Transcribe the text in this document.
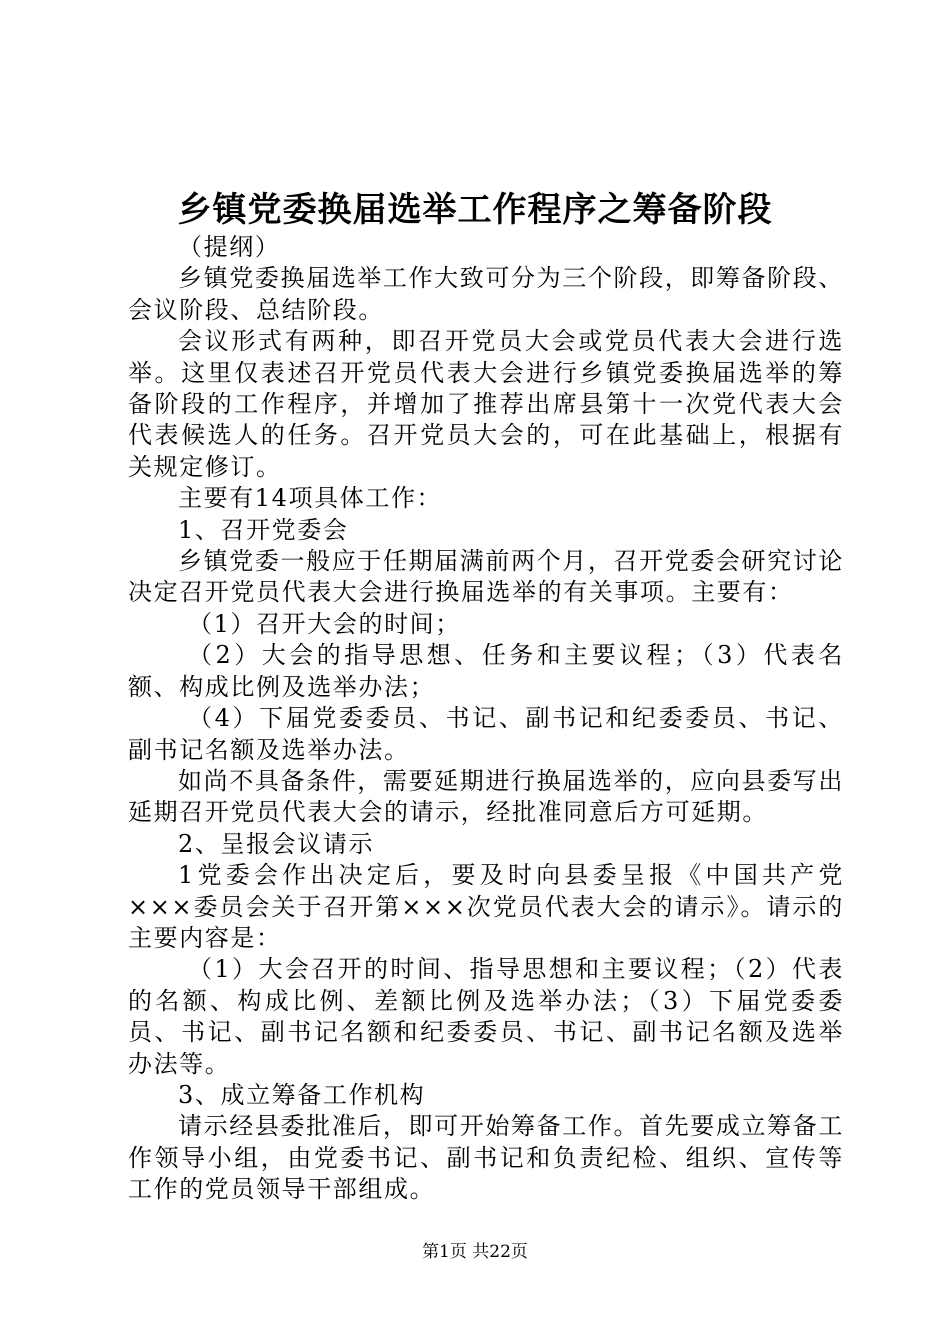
乡镇党委换届选举工作程序之筹备阶段

（提纲）

乡镇党委换届选举工作大致可分为三个阶段，即筹备阶段、会议阶段、总结阶段。

会议形式有两种，即召开党员大会或党员代表大会进行选举。这里仅表述召开党员代表大会进行乡镇党委换届选举的筹备阶段的工作程序，并增加了推荐出席县第十一次党代表大会代表候选人的任务。召开党员大会的，可在此基础上，根据有关规定修订。

主要有14项具体工作：

1、召开党委会

乡镇党委一般应于任期届满前两个月，召开党委会研究讨论决定召开党员代表大会进行换届选举的有关事项。主要有：

（1）召开大会的时间；

（2）大会的指导思想、任务和主要议程；（3）代表名额、构成比例及选举办法；

（4）下届党委委员、书记、副书记和纪委委员、书记、副书记名额及选举办法。

如尚不具备条件，需要延期进行换届选举的，应向县委写出延期召开党员代表大会的请示，经批准同意后方可延期。

2、呈报会议请示

1党委会作出决定后，要及时向县委呈报《中国共产党×××委员会关于召开第×××次党员代表大会的请示》。请示的主要内容是：

（1）大会召开的时间、指导思想和主要议程；（2）代表的名额、构成比例、差额比例及选举办法；（3）下届党委委员、书记、副书记名额和纪委委员、书记、副书记名额及选举办法等。

3、成立筹备工作机构

请示经县委批准后，即可开始筹备工作。首先要成立筹备工作领导小组，由党委书记、副书记和负责纪检、组织、宣传等工作的党员领导干部组成。

第1页 共22页
